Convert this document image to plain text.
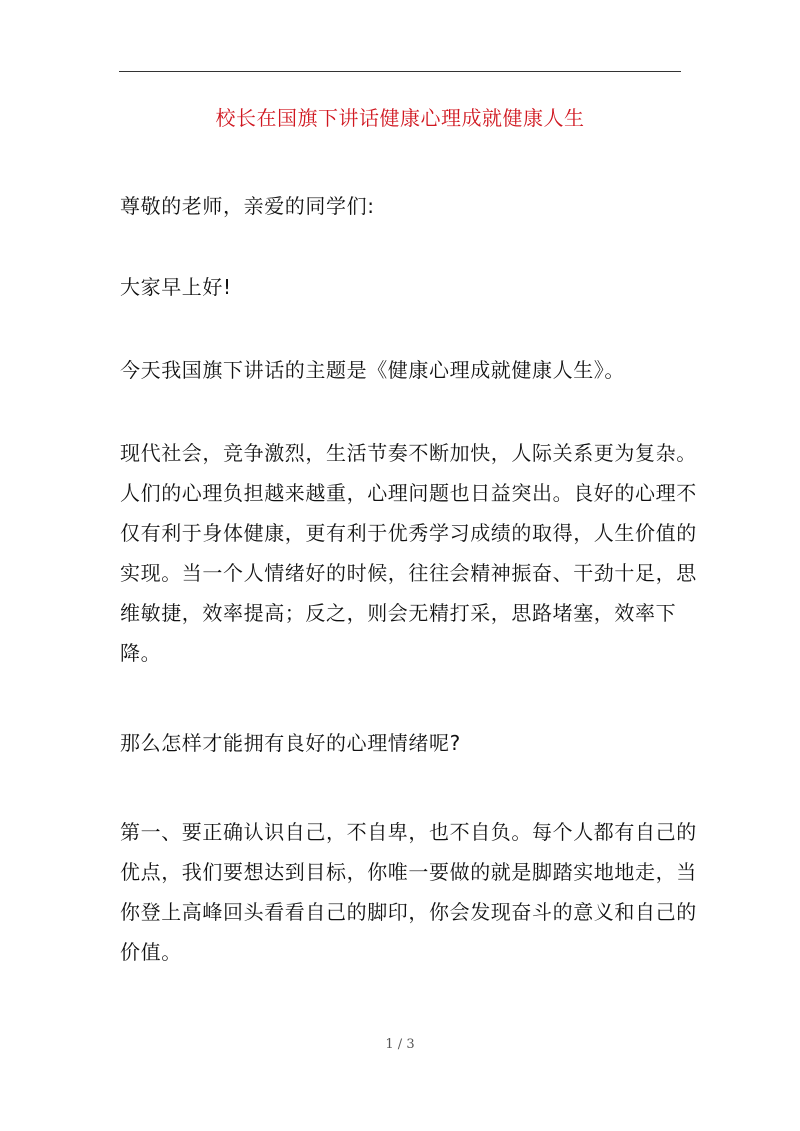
校长在国旗下讲话健康心理成就健康人生

尊敬的老师，亲爱的同学们:

大家早上好!

今天我国旗下讲话的主题是《健康心理成就健康人生》。

现代社会，竞争激烈，生活节奏不断加快，人际关系更为复杂。
人们的心理负担越来越重，心理问题也日益突出。良好的心理不
仅有利于身体健康，更有利于优秀学习成绩的取得，人生价值的
实现。当一个人情绪好的时候，往往会精神振奋、干劲十足，思
维敏捷，效率提高；反之，则会无精打采，思路堵塞，效率下
降。

那么怎样才能拥有良好的心理情绪呢?

第一、要正确认识自己，不自卑，也不自负。每个人都有自己的
优点，我们要想达到目标，你唯一要做的就是脚踏实地地走，当
你登上高峰回头看看自己的脚印，你会发现奋斗的意义和自己的
价值。

1 / 3
